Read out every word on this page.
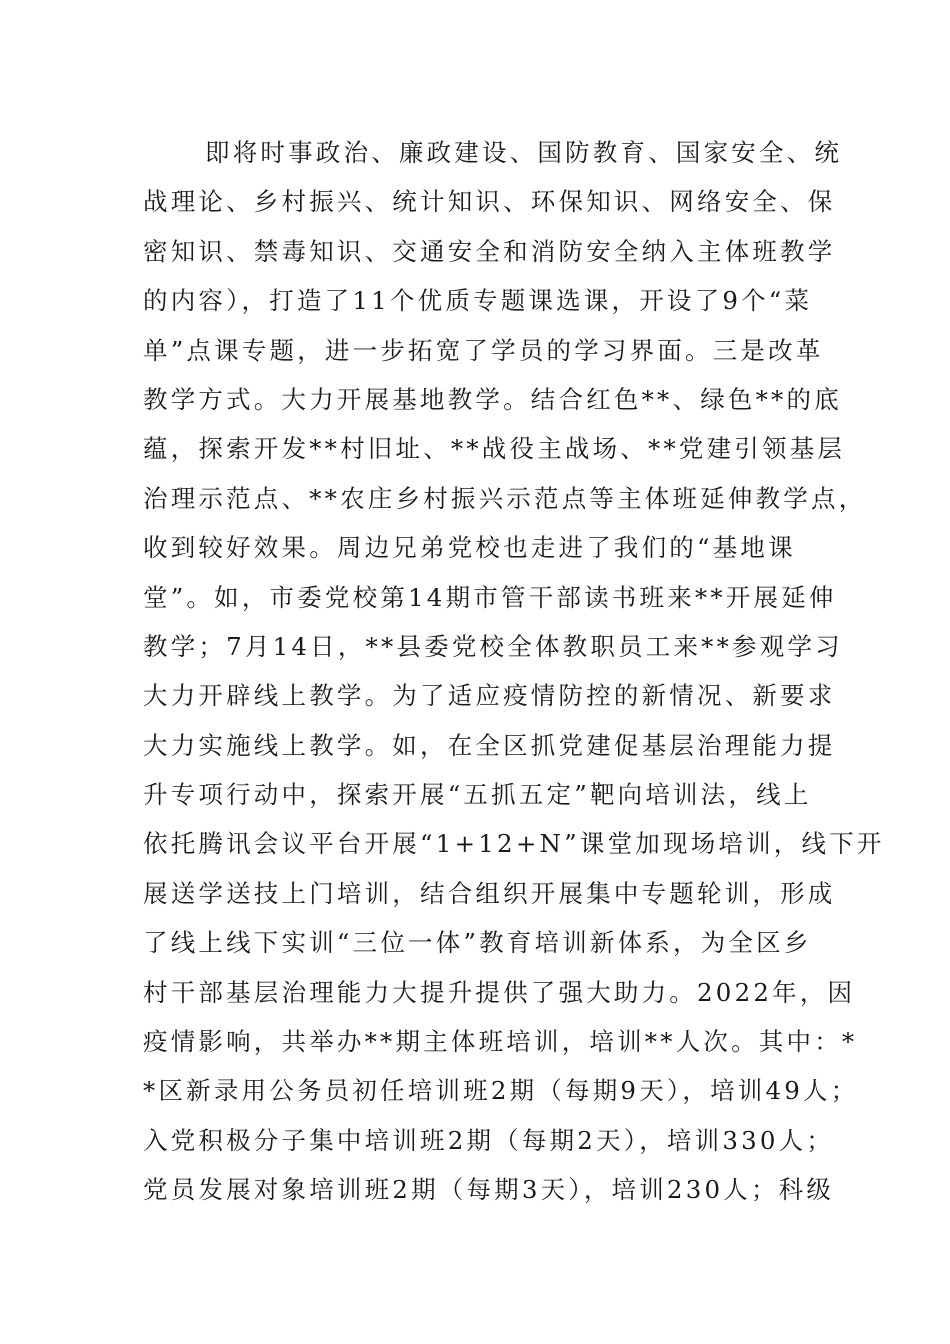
即将时事政治、廉政建设、国防教育、国家安全、统
战理论、乡村振兴、统计知识、环保知识、网络安全、保
密知识、禁毒知识、交通安全和消防安全纳入主体班教学
的内容），打造了11个优质专题课选课，开设了9个“菜
单”点课专题，进一步拓宽了学员的学习界面。三是改革
教学方式。大力开展基地教学。结合红色**、绿色**的底
蕴，探索开发**村旧址、**战役主战场、**党建引领基层
治理示范点、**农庄乡村振兴示范点等主体班延伸教学点，
收到较好效果。周边兄弟党校也走进了我们的“基地课
堂”。如，市委党校第14期市管干部读书班来**开展延伸
教学；7月14日，**县委党校全体教职员工来**参观学习
大力开辟线上教学。为了适应疫情防控的新情况、新要求
大力实施线上教学。如，在全区抓党建促基层治理能力提
升专项行动中，探索开展“五抓五定”靶向培训法，线上
依托腾讯会议平台开展“1+12+N”课堂加现场培训，线下开
展送学送技上门培训，结合组织开展集中专题轮训，形成
了线上线下实训“三位一体”教育培训新体系，为全区乡
村干部基层治理能力大提升提供了强大助力。2022年，因
疫情影响，共举办**期主体班培训，培训**人次。其中：*
*区新录用公务员初任培训班2期（每期9天），培训49人；
入党积极分子集中培训班2期（每期2天），培训330人；
党员发展对象培训班2期（每期3天），培训230人；科级
